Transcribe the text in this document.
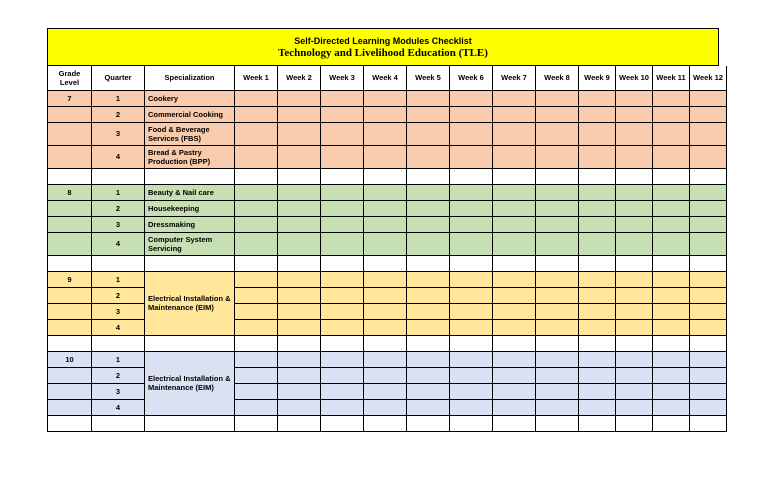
Self-Directed Learning Modules Checklist
Technology and Livelihood Education (TLE)
Grade Level	Quarter	Specialization	Week 1	Week 2	Week 3	Week 4	Week 5	Week 6	Week 7	Week 8	Week 9	Week 10	Week 11	Week 12
7	1	Cookery												
	2	Commercial Cooking												
	3	Food & Beverage Services (FBS)												
	4	Bread & Pastry Production (BPP)												

8	1	Beauty & Nail care												
	2	Housekeeping												
	3	Dressmaking												
	4	Computer System Servicing												

9	1	Electrical Installation & Maintenance (EIM)												
	2													
	3													
	4													

10	1	Electrical Installation & Maintenance (EIM)												
	2													
	3													
	4													
